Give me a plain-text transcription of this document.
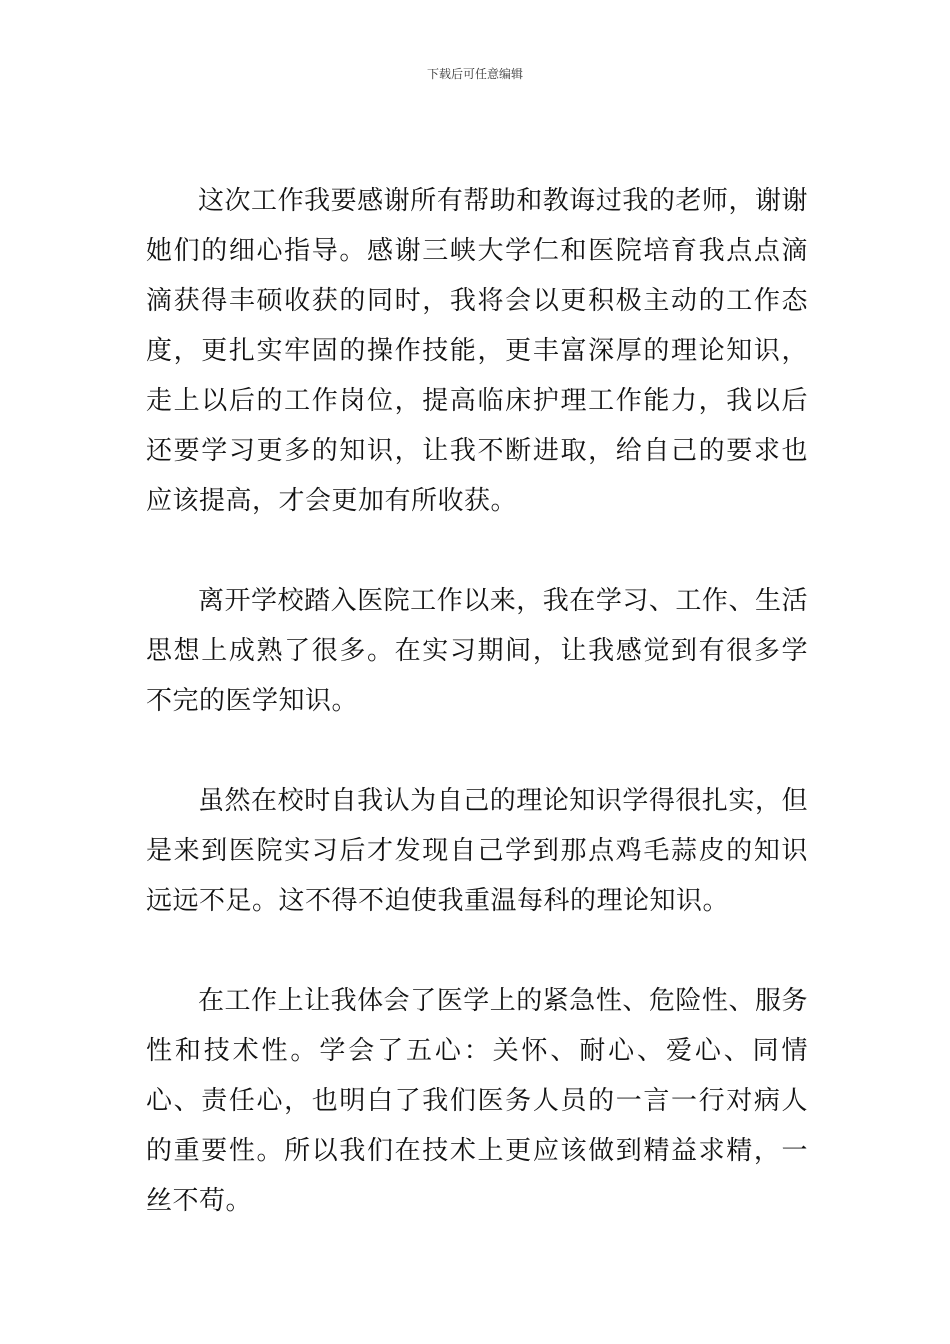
下载后可任意编辑

这次工作我要感谢所有帮助和教诲过我的老师，谢谢她们的细心指导。感谢三峡大学仁和医院培育我点点滴滴获得丰硕收获的同时，我将会以更积极主动的工作态度，更扎实牢固的操作技能，更丰富深厚的理论知识，走上以后的工作岗位，提高临床护理工作能力，我以后还要学习更多的知识，让我不断进取，给自己的要求也应该提高，才会更加有所收获。

离开学校踏入医院工作以来，我在学习、工作、生活思想上成熟了很多。在实习期间，让我感觉到有很多学不完的医学知识。

虽然在校时自我认为自己的理论知识学得很扎实，但是来到医院实习后才发现自己学到那点鸡毛蒜皮的知识远远不足。这不得不迫使我重温每科的理论知识。

在工作上让我体会了医学上的紧急性、危险性、服务性和技术性。学会了五心：关怀、耐心、爱心、同情心、责任心，也明白了我们医务人员的一言一行对病人的重要性。所以我们在技术上更应该做到精益求精，一丝不苟。
